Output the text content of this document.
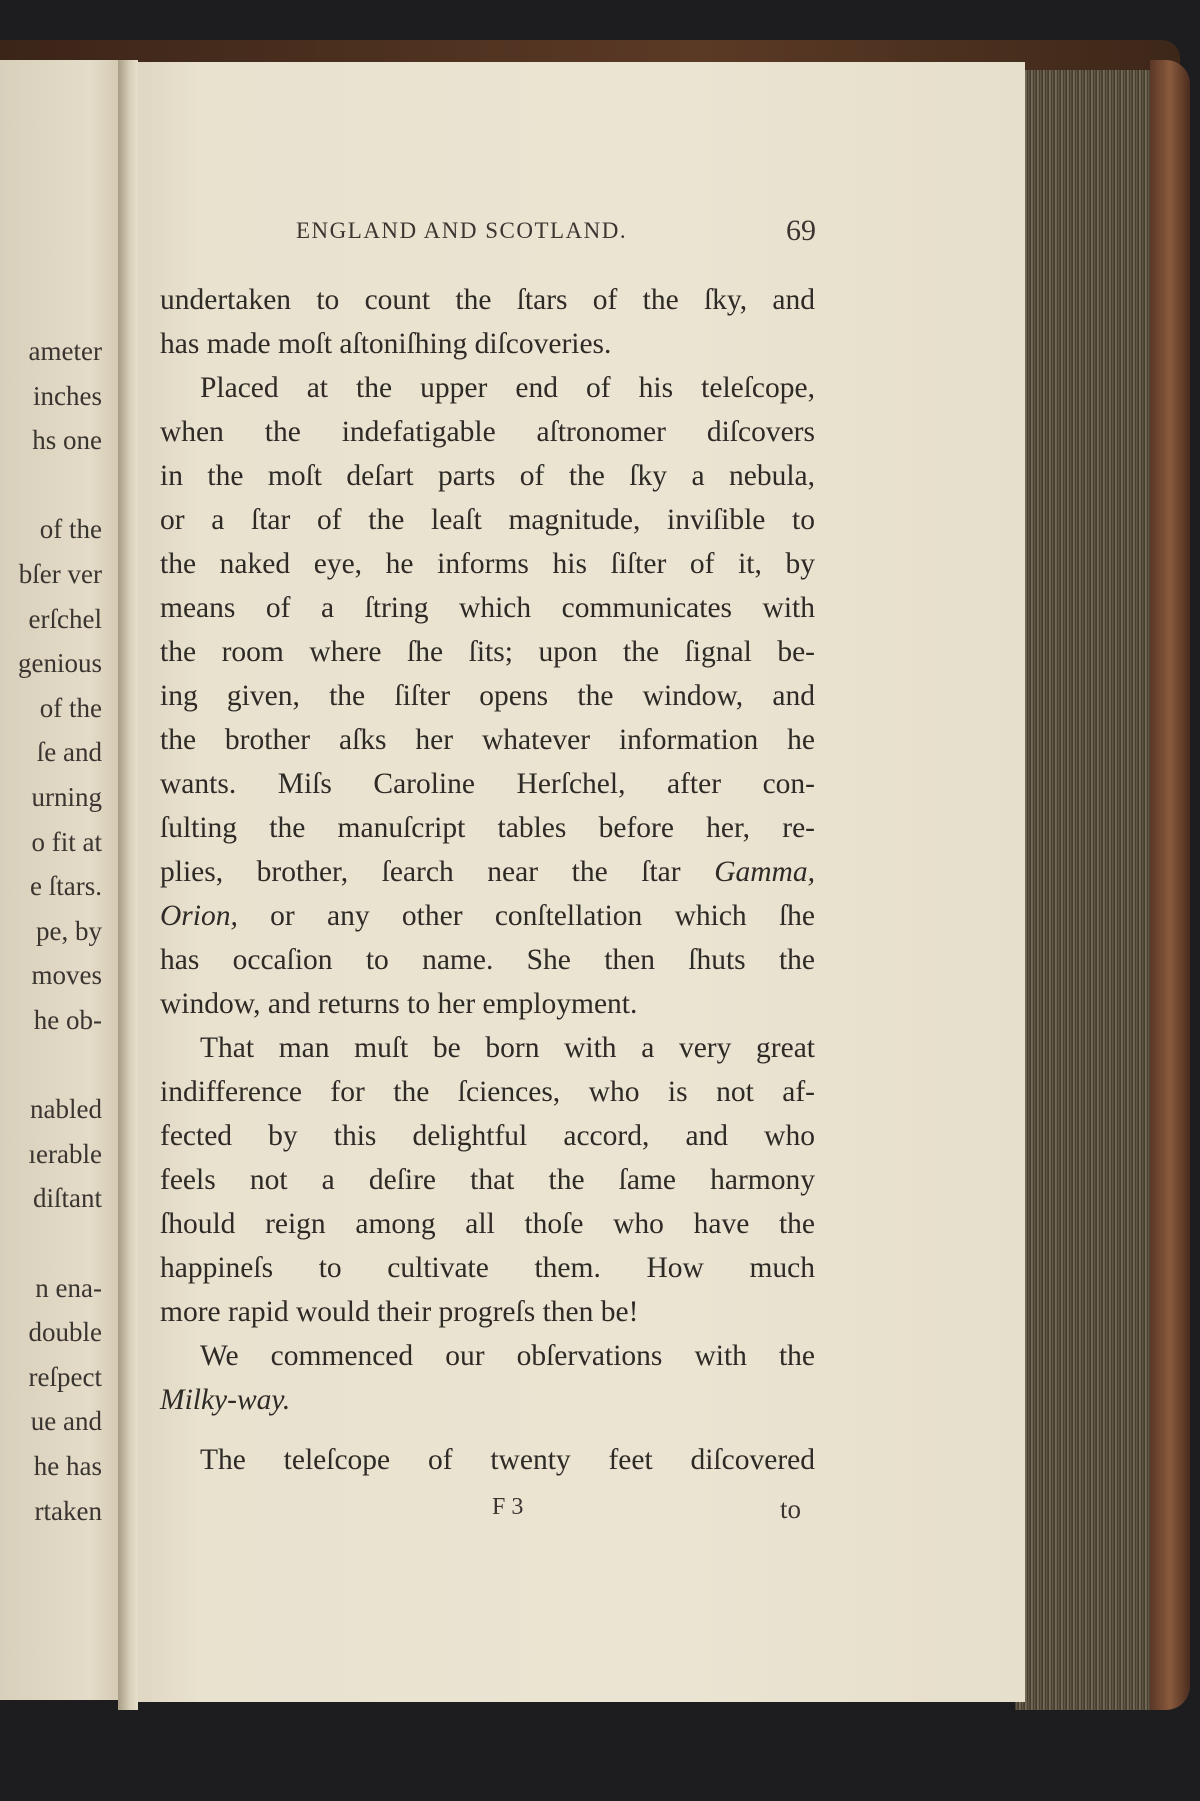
ameter
inches
hs one
of the
bſer ver
erſchel
genious
of the
ſe and
urning
o fit at
e ſtars.
pe, by
moves
he ob-
nabled
ıerable
diſtant
n ena-
double
reſpect
ue and
he has
rtaken
ENGLAND AND SCOTLAND.	69
undertaken to count the ſtars of the ſky, and
has made moſt aſtoniſhing diſcoveries.
Placed at the upper end of his teleſcope,
when the indefatigable aſtronomer diſcovers
in the moſt deſart parts of the ſky a nebula,
or a ſtar of the leaſt magnitude, inviſible to
the naked eye, he informs his ſiſter of it, by
means of a ſtring which communicates with
the room where ſhe ſits; upon the ſignal be-
ing given, the ſiſter opens the window, and
the brother aſks her whatever information he
wants. Miſs Caroline Herſchel, after con-
ſulting the manuſcript tables before her, re-
plies, brother, ſearch near the ſtar Gamma,
Orion, or any other conſtellation which ſhe
has occaſion to name. She then ſhuts the
window, and returns to her employment.
That man muſt be born with a very great
indifference for the ſciences, who is not af-
fected by this delightful accord, and who
feels not a deſire that the ſame harmony
ſhould reign among all thoſe who have the
happineſs to cultivate them. How much
more rapid would their progreſs then be!
We commenced our obſervations with the
Milky-way.
The teleſcope of twenty feet diſcovered
F 3	to
